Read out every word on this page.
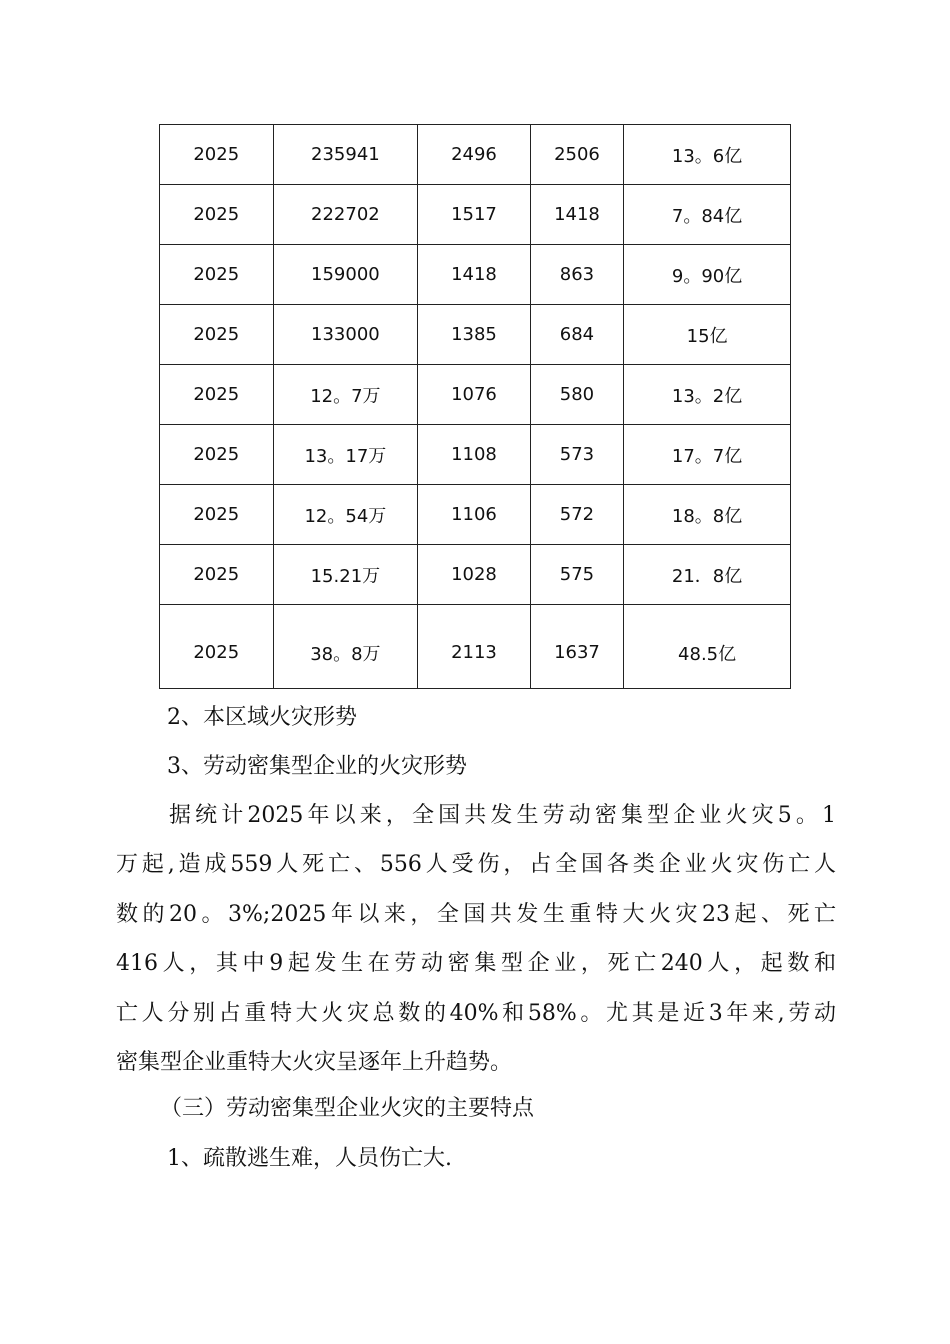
2025	235941	2496	2506	13。6亿
2025	222702	1517	1418	7。84亿
2025	159000	1418	863	9。90亿
2025	133000	1385	684	15亿
2025	12。7万	1076	580	13。2亿
2025	13。17万	1108	573	17。7亿
2025	12。54万	1106	572	18。8亿
2025	15.21万	1028	575	21．8亿
2025	38。8万	2113	1637	48.5亿
2、本区域火灾形势
3、劳动密集型企业的火灾形势
据统计2025年以来，全国共发生劳动密集型企业火灾5。1
万起,造成559人死亡、556人受伤，占全国各类企业火灾伤亡人
数的20。3%;2025年以来，全国共发生重特大火灾23起、死亡
416人，其中9起发生在劳动密集型企业，死亡240人，起数和
亡人分别占重特大火灾总数的40%和58%。尤其是近3年来,劳动
密集型企业重特大火灾呈逐年上升趋势。
（三）劳动密集型企业火灾的主要特点
1、疏散逃生难，人员伤亡大.
